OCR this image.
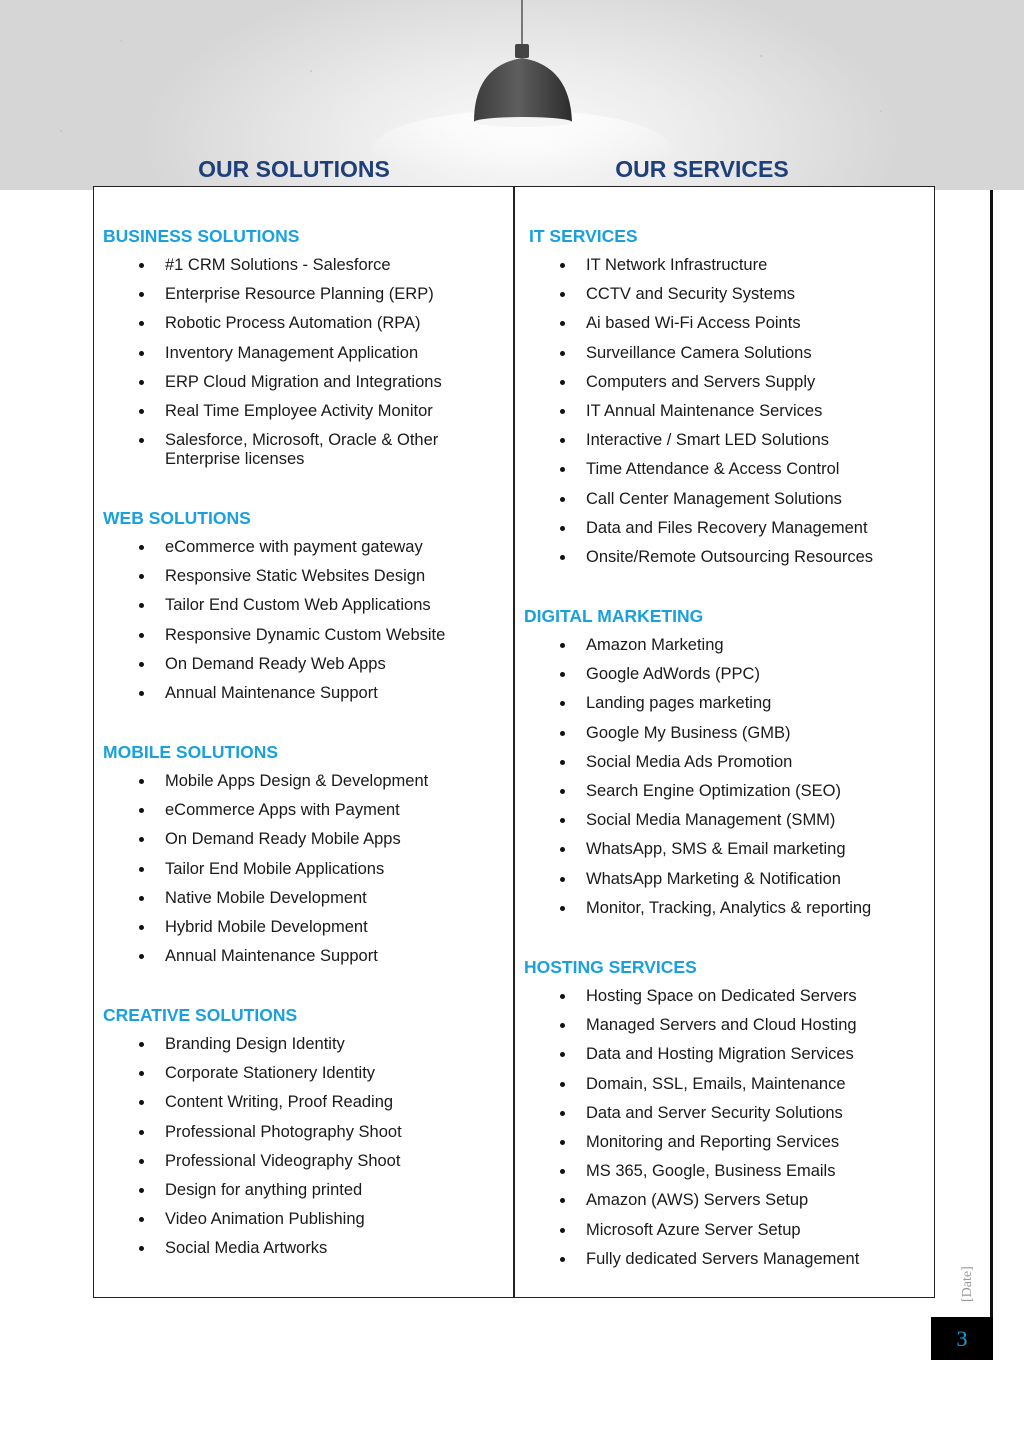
OUR SOLUTIONS	OUR SERVICES
BUSINESS SOLUTIONS
#1 CRM Solutions - Salesforce
Enterprise Resource Planning (ERP)
Robotic Process Automation (RPA)
Inventory Management Application
ERP Cloud Migration and Integrations
Real Time Employee Activity Monitor
Salesforce, Microsoft, Oracle & Other Enterprise licenses
WEB SOLUTIONS
eCommerce with payment gateway
Responsive Static Websites Design
Tailor End Custom Web Applications
Responsive Dynamic Custom Website
On Demand Ready Web Apps
Annual Maintenance Support
MOBILE SOLUTIONS
Mobile Apps Design & Development
eCommerce Apps with Payment
On Demand Ready Mobile Apps
Tailor End Mobile Applications
Native Mobile Development
Hybrid Mobile Development
Annual Maintenance Support
CREATIVE SOLUTIONS
Branding Design Identity
Corporate Stationery Identity
Content Writing, Proof Reading
Professional Photography Shoot
Professional Videography Shoot
Design for anything printed
Video Animation Publishing
Social Media Artworks
IT SERVICES
IT Network Infrastructure
CCTV and Security Systems
Ai based Wi-Fi Access Points
Surveillance Camera Solutions
Computers and Servers Supply
IT Annual Maintenance Services
Interactive / Smart LED Solutions
Time Attendance & Access Control
Call Center Management Solutions
Data and Files Recovery Management
Onsite/Remote Outsourcing Resources
DIGITAL MARKETING
Amazon Marketing
Google AdWords (PPC)
Landing pages marketing
Google My Business (GMB)
Social Media Ads Promotion
Search Engine Optimization (SEO)
Social Media Management (SMM)
WhatsApp, SMS & Email marketing
WhatsApp Marketing & Notification
Monitor, Tracking, Analytics & reporting
HOSTING SERVICES
Hosting Space on Dedicated Servers
Managed Servers and Cloud Hosting
Data and Hosting Migration Services
Domain, SSL, Emails, Maintenance
Data and Server Security Solutions
Monitoring and Reporting Services
MS 365, Google, Business Emails
Amazon (AWS) Servers Setup
Microsoft Azure Server Setup
Fully dedicated Servers Management
[Date]
3
